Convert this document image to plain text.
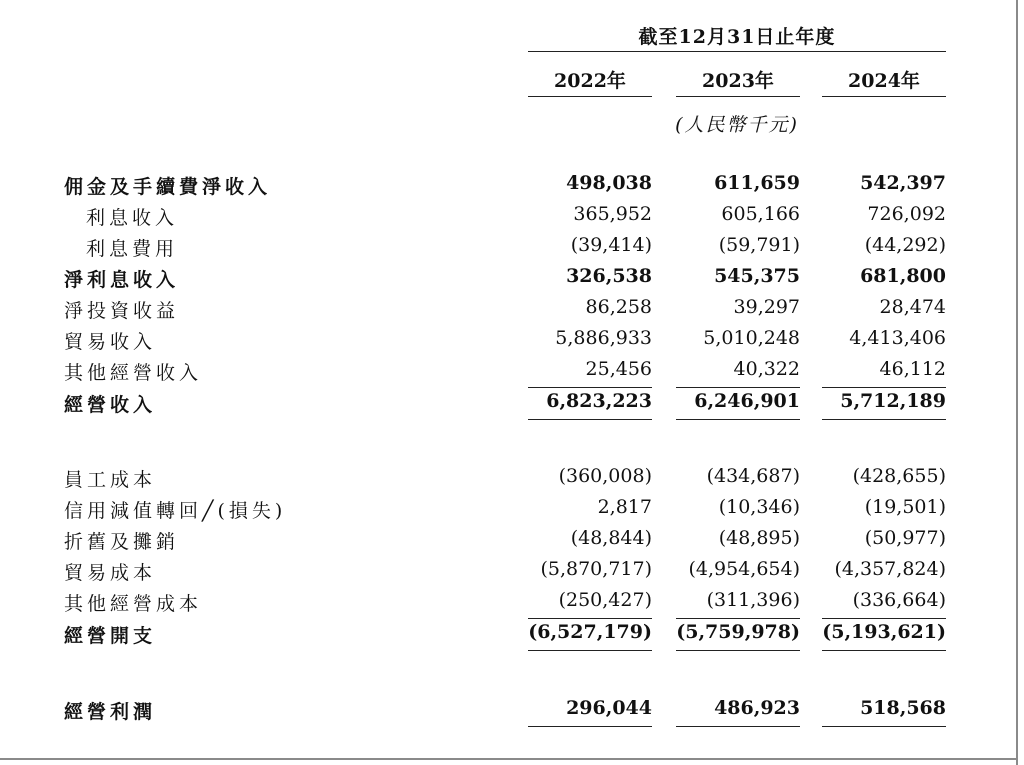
截至12月31日止年度
2022年	2023年	2024年
(人民幣千元)
佣金及手續費淨收入	498,038	611,659	542,397
利息收入	365,952	605,166	726,092
利息費用	(39,414)	(59,791)	(44,292)
淨利息收入	326,538	545,375	681,800
淨投資收益	86,258	39,297	28,474
貿易收入	5,886,933	5,010,248	4,413,406
其他經營收入	25,456	40,322	46,112
經營收入	6,823,223	6,246,901	5,712,189
員工成本	(360,008)	(434,687)	(428,655)
信用減值轉回╱(損失)	2,817	(10,346)	(19,501)
折舊及攤銷	(48,844)	(48,895)	(50,977)
貿易成本	(5,870,717)	(4,954,654)	(4,357,824)
其他經營成本	(250,427)	(311,396)	(336,664)
經營開支	(6,527,179)	(5,759,978)	(5,193,621)
經營利潤	296,044	486,923	518,568
